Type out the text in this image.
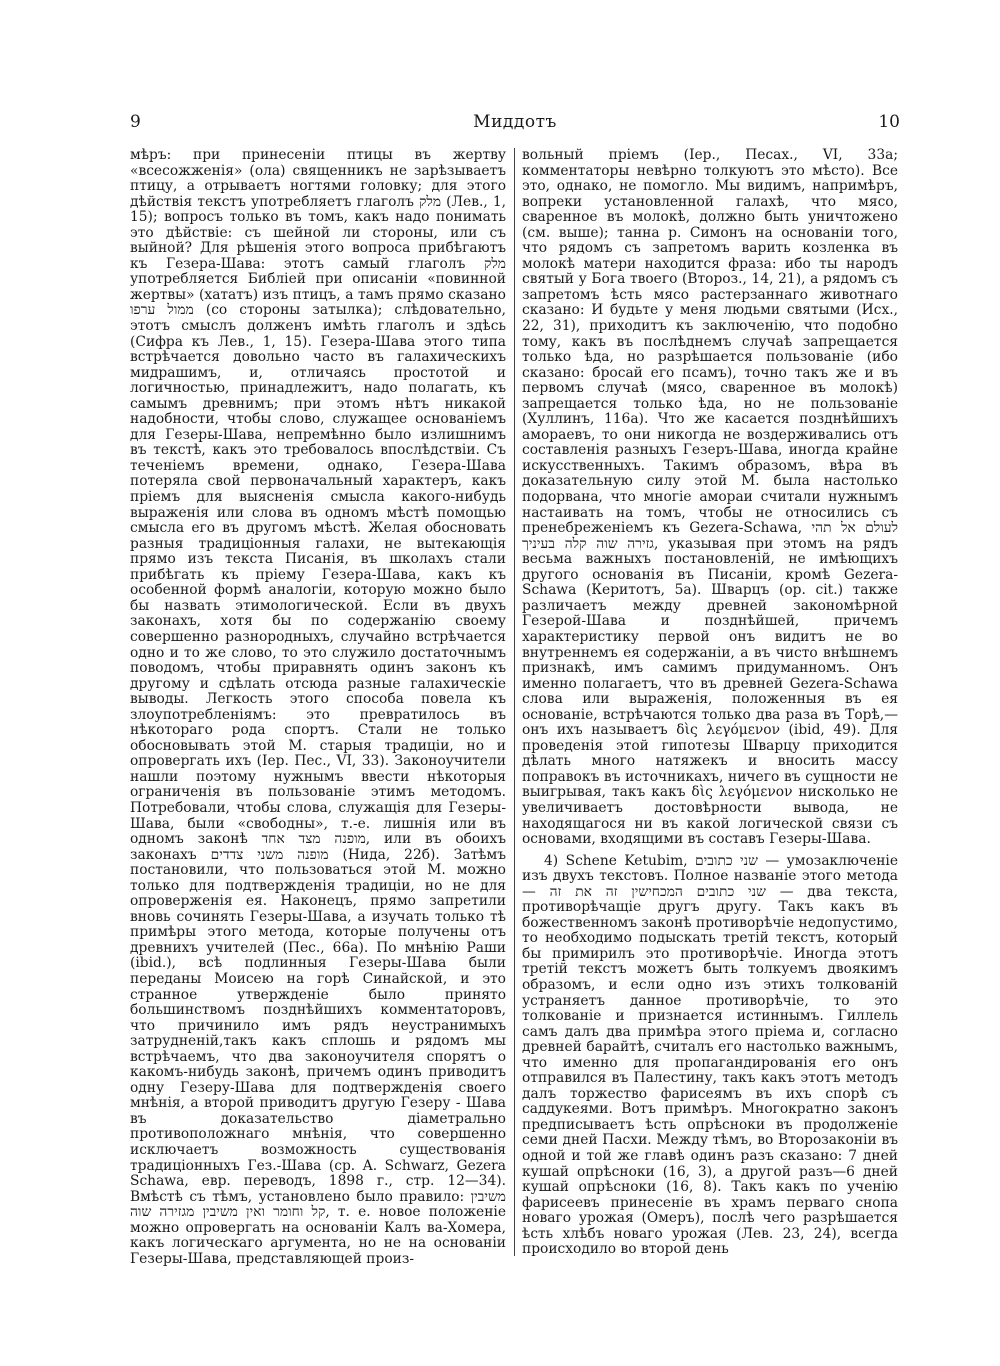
9	Миддотъ	10

мѣръ: при принесеніи птицы въ жертву «всесожженія» (ола) священникъ не зарѣзываетъ птицу, а отрываетъ ногтями головку; для этого дѣйствія текстъ употребляетъ глаголъ מלק (Лев., 1, 15); вопросъ только въ томъ, какъ надо понимать это дѣйствіе: съ шейной ли стороны, или съ выйной? Для рѣшенія этого вопроса прибѣгаютъ къ Гезера-Шава: этотъ самый глаголъ מלק употребляется Библіей при описаніи «повинной жертвы» (хататъ) изъ птицъ, а тамъ прямо сказано ממול ערפו (со стороны затылка); слѣдовательно, этотъ смыслъ долженъ имѣть глаголъ и здѣсь (Сифра къ Лев., 1, 15). Гезера-Шава этого типа встрѣчается довольно часто въ галахическихъ мидрашимъ, и, отличаясь простотой и логичностью, принадлежитъ, надо полагать, къ самымъ древнимъ; при этомъ нѣтъ никакой надобности, чтобы слово, служащее основаніемъ для Гезеры-Шава, непремѣнно было излишнимъ въ текстѣ, какъ это требовалось впослѣдствіи. Съ теченіемъ времени, однако, Гезера-Шава потеряла свой первоначальный характеръ, какъ пріемъ для выясненія смысла какого-нибудь выраженія или слова въ одномъ мѣстѣ помощью смысла его въ другомъ мѣстѣ. Желая обосновать разныя традиціонныя галахи, не вытекающія прямо изъ текста Писанія, въ школахъ стали прибѣгать къ пріему Гезера-Шава, какъ къ особенной формѣ аналогіи, которую можно было бы назвать этимологической. Если въ двухъ законахъ, хотя бы по содержанію своему совершенно разнородныхъ, случайно встрѣчается одно и то же слово, то это служило достаточнымъ поводомъ, чтобы приравнять одинъ законъ къ другому и сдѣлать отсюда разные галахическіе выводы. Легкость этого способа повела къ злоупотребленіямъ: это превратилось въ нѣкотораго рода спортъ. Стали не только обосновывать этой М. старыя традиціи, но и опровергать ихъ (Іер. Пес., VI, 33). Законоучители нашли поэтому нужнымъ ввести нѣкоторыя ограниченія въ пользованіе этимъ методомъ. Потребовали, чтобы слова, служащія для Гезеры-Шава, были «свободны», т.-е. лишнія или въ одномъ законѣ מופנה מצד אחד, или въ обоихъ законахъ מופנה משני צדדים (Нида, 22б). Затѣмъ постановили, что пользоваться этой М. можно только для подтвержденія традиціи, но не для опроверженія ея. Наконецъ, прямо запретили вновь сочинять Гезеры-Шава, а изучать только тѣ примѣры этого метода, которые получены отъ древнихъ учителей (Пес., 66а). По мнѣнію Раши (ibid.), всѣ подлинныя Гезеры-Шава были переданы Моисею на горѣ Синайской, и это странное утвержденіе было принято большинствомъ позднѣйшихъ комментаторовъ, что причинило имъ рядъ неустранимыхъ затрудненій,такъ какъ сплошь и рядомъ мы встрѣчаемъ, что два законоучителя спорятъ о какомъ-нибудь законѣ, причемъ одинъ приводитъ одну Гезеру-Шава для подтвержденія своего мнѣнія, а второй приводитъ другую Гезеру - Шава въ доказательство діаметрально противоположнаго мнѣнія, что совершенно исключаетъ возможность существованія традиціонныхъ Гез.-Шава (ср. A. Schwarz, Gezera Schawa, евр. переводъ, 1898 г., стр. 12—34). Вмѣстѣ съ тѣмъ, установлено было правило: משיבין קל וחומר ואין משיבין מגזירה שוה, т. е. новое положеніе можно опровергать на основаніи Калъ ва-Хомера, какъ логическаго аргумента, но не на основаніи Гезеры-Шава, представляющей произ-

вольный пріемъ (Іер., Песах., VI, 33а; комментаторы невѣрно толкуютъ это мѣсто). Все это, однако, не помогло. Мы видимъ, напримѣръ, вопреки установленной галахѣ, что мясо, сваренное въ молокѣ, должно быть уничтожено (см. выше); танна р. Симонъ на основаніи того, что рядомъ съ запретомъ варить козленка въ молокѣ матери находится фраза: ибо ты народъ святый у Бога твоего (Второз., 14, 21), а рядомъ съ запретомъ ѣсть мясо растерзаннаго животнаго сказано: И будьте у меня людьми святыми (Исх., 22, 31), приходитъ къ заключенію, что подобно тому, какъ въ послѣднемъ случаѣ запрещается только ѣда, но разрѣшается пользованіе (ибо сказано: бросай его псамъ), точно такъ же и въ первомъ случаѣ (мясо, сваренное въ молокѣ) запрещается только ѣда, но не пользованіе (Хуллинъ, 116а). Что же касается позднѣйшихъ амораевъ, то они никогда не воздерживались отъ составленія разныхъ Гезеръ-Шава, иногда крайне искусственныхъ. Такимъ образомъ, вѣра въ доказательную силу этой М. была настолько подорвана, что многіе амораи считали нужнымъ настаивать на томъ, чтобы не относились съ пренебреженіемъ къ Gezera-Schawa, לעולם אל תהי גזירה שוה קלה בעיניך, указывая при этомъ на рядъ весьма важныхъ постановленій, не имѣющихъ другого основанія въ Писаніи, кромѣ Gezera-Schawa (Керитотъ, 5а). Шварцъ (op. cit.) также различаетъ между древней закономѣрной Гезерой-Шава и позднѣйшей, причемъ характеристику первой онъ видитъ не во внутреннемъ ея содержаніи, а въ чисто внѣшнемъ признакѣ, имъ самимъ придуманномъ. Онъ именно полагаетъ, что въ древней Gezera-Schawa слова или выраженія, положенныя въ ея основаніе, встрѣчаются только два раза въ Торѣ,—онъ ихъ называетъ δὶς λεγόμενον (ibid, 49). Для проведенія этой гипотезы Шварцу приходится дѣлать много натяжекъ и вносить массу поправокъ въ источникахъ, ничего въ сущности не выигрывая, такъ какъ δὶς λεγόμενον нисколько не увеличиваетъ достовѣрности вывода, не находящагося ни въ какой логической связи съ основами, входящими въ составъ Гезеры-Шава.

4) Schene Ketubim, שני כתובים — умозаключеніе изъ двухъ текстовъ. Полное названіе этого метода — שני כתובים המכחישין זה את זה — два текста, противорѣчащіе другъ другу. Такъ какъ въ божественномъ законѣ противорѣчіе недопустимо, то необходимо подыскать третій текстъ, который бы примирилъ это противорѣчіе. Иногда этотъ третій текстъ можетъ быть толкуемъ двоякимъ образомъ, и если одно изъ этихъ толкованій устраняетъ данное противорѣчіе, то это толкованіе и признается истиннымъ. Гиллель самъ далъ два примѣра этого пріема и, согласно древней барайтѣ, считалъ его настолько важнымъ, что именно для пропагандированія его онъ отправился въ Палестину, такъ какъ этотъ методъ далъ торжество фарисеямъ въ ихъ спорѣ съ саддукеями. Вотъ примѣръ. Многократно законъ предписываетъ ѣсть опрѣсноки въ продолженіе семи дней Пасхи. Между тѣмъ, во Второзаконіи въ одной и той же главѣ одинъ разъ сказано: 7 дней кушай опрѣсноки (16, 3), а другой разъ—6 дней кушай опрѣсноки (16, 8). Такъ какъ по ученію фарисеевъ принесеніе въ храмъ перваго снопа новаго урожая (Омеръ), послѣ чего разрѣшается ѣсть хлѣбъ новаго урожая (Лев. 23, 24), всегда происходило во второй день
